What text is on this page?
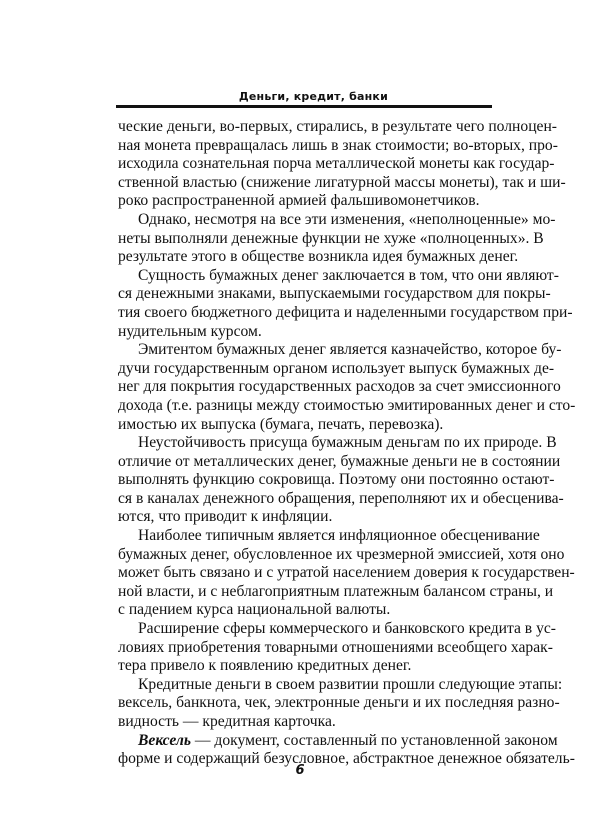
Деньги, кредит, банки
ческие деньги, во-первых, стирались, в результате чего полноцен-
ная монета превращалась лишь в знак стоимости; во-вторых, про-
исходила сознательная порча металлической монеты как государ-
ственной властью (снижение лигатурной массы монеты), так и ши-
роко распространенной армией фальшивомонетчиков.
Однако, несмотря на все эти изменения, «неполноценные» мо-
неты выполняли денежные функции не хуже «полноценных». В
результате этого в обществе возникла идея бумажных денег.
Сущность бумажных денег заключается в том, что они являют-
ся денежными знаками, выпускаемыми государством для покры-
тия своего бюджетного дефицита и наделенными государством при-
нудительным курсом.
Эмитентом бумажных денег является казначейство, которое бу-
дучи государственным органом использует выпуск бумажных де-
нег для покрытия государственных расходов за счет эмиссионного
дохода (т.е. разницы между стоимостью эмитированных денег и сто-
имостью их выпуска (бумага, печать, перевозка).
Неустойчивость присуща бумажным деньгам по их природе. В
отличие от металлических денег, бумажные деньги не в состоянии
выполнять функцию сокровища. Поэтому они постоянно остают-
ся в каналах денежного обращения, переполняют их и обесценива-
ются, что приводит к инфляции.
Наиболее типичным является инфляционное обесценивание
бумажных денег, обусловленное их чрезмерной эмиссией, хотя оно
может быть связано и с утратой населением доверия к государствен-
ной власти, и с неблагоприятным платежным балансом страны, и
с падением курса национальной валюты.
Расширение сферы коммерческого и банковского кредита в ус-
ловиях приобретения товарными отношениями всеобщего харак-
тера привело к появлению кредитных денег.
Кредитные деньги в своем развитии прошли следующие этапы:
вексель, банкнота, чек, электронные деньги и их последняя разно-
видность — кредитная карточка.
Вексель — документ, составленный по установленной законом
форме и содержащий безусловное, абстрактное денежное обязатель-
6
